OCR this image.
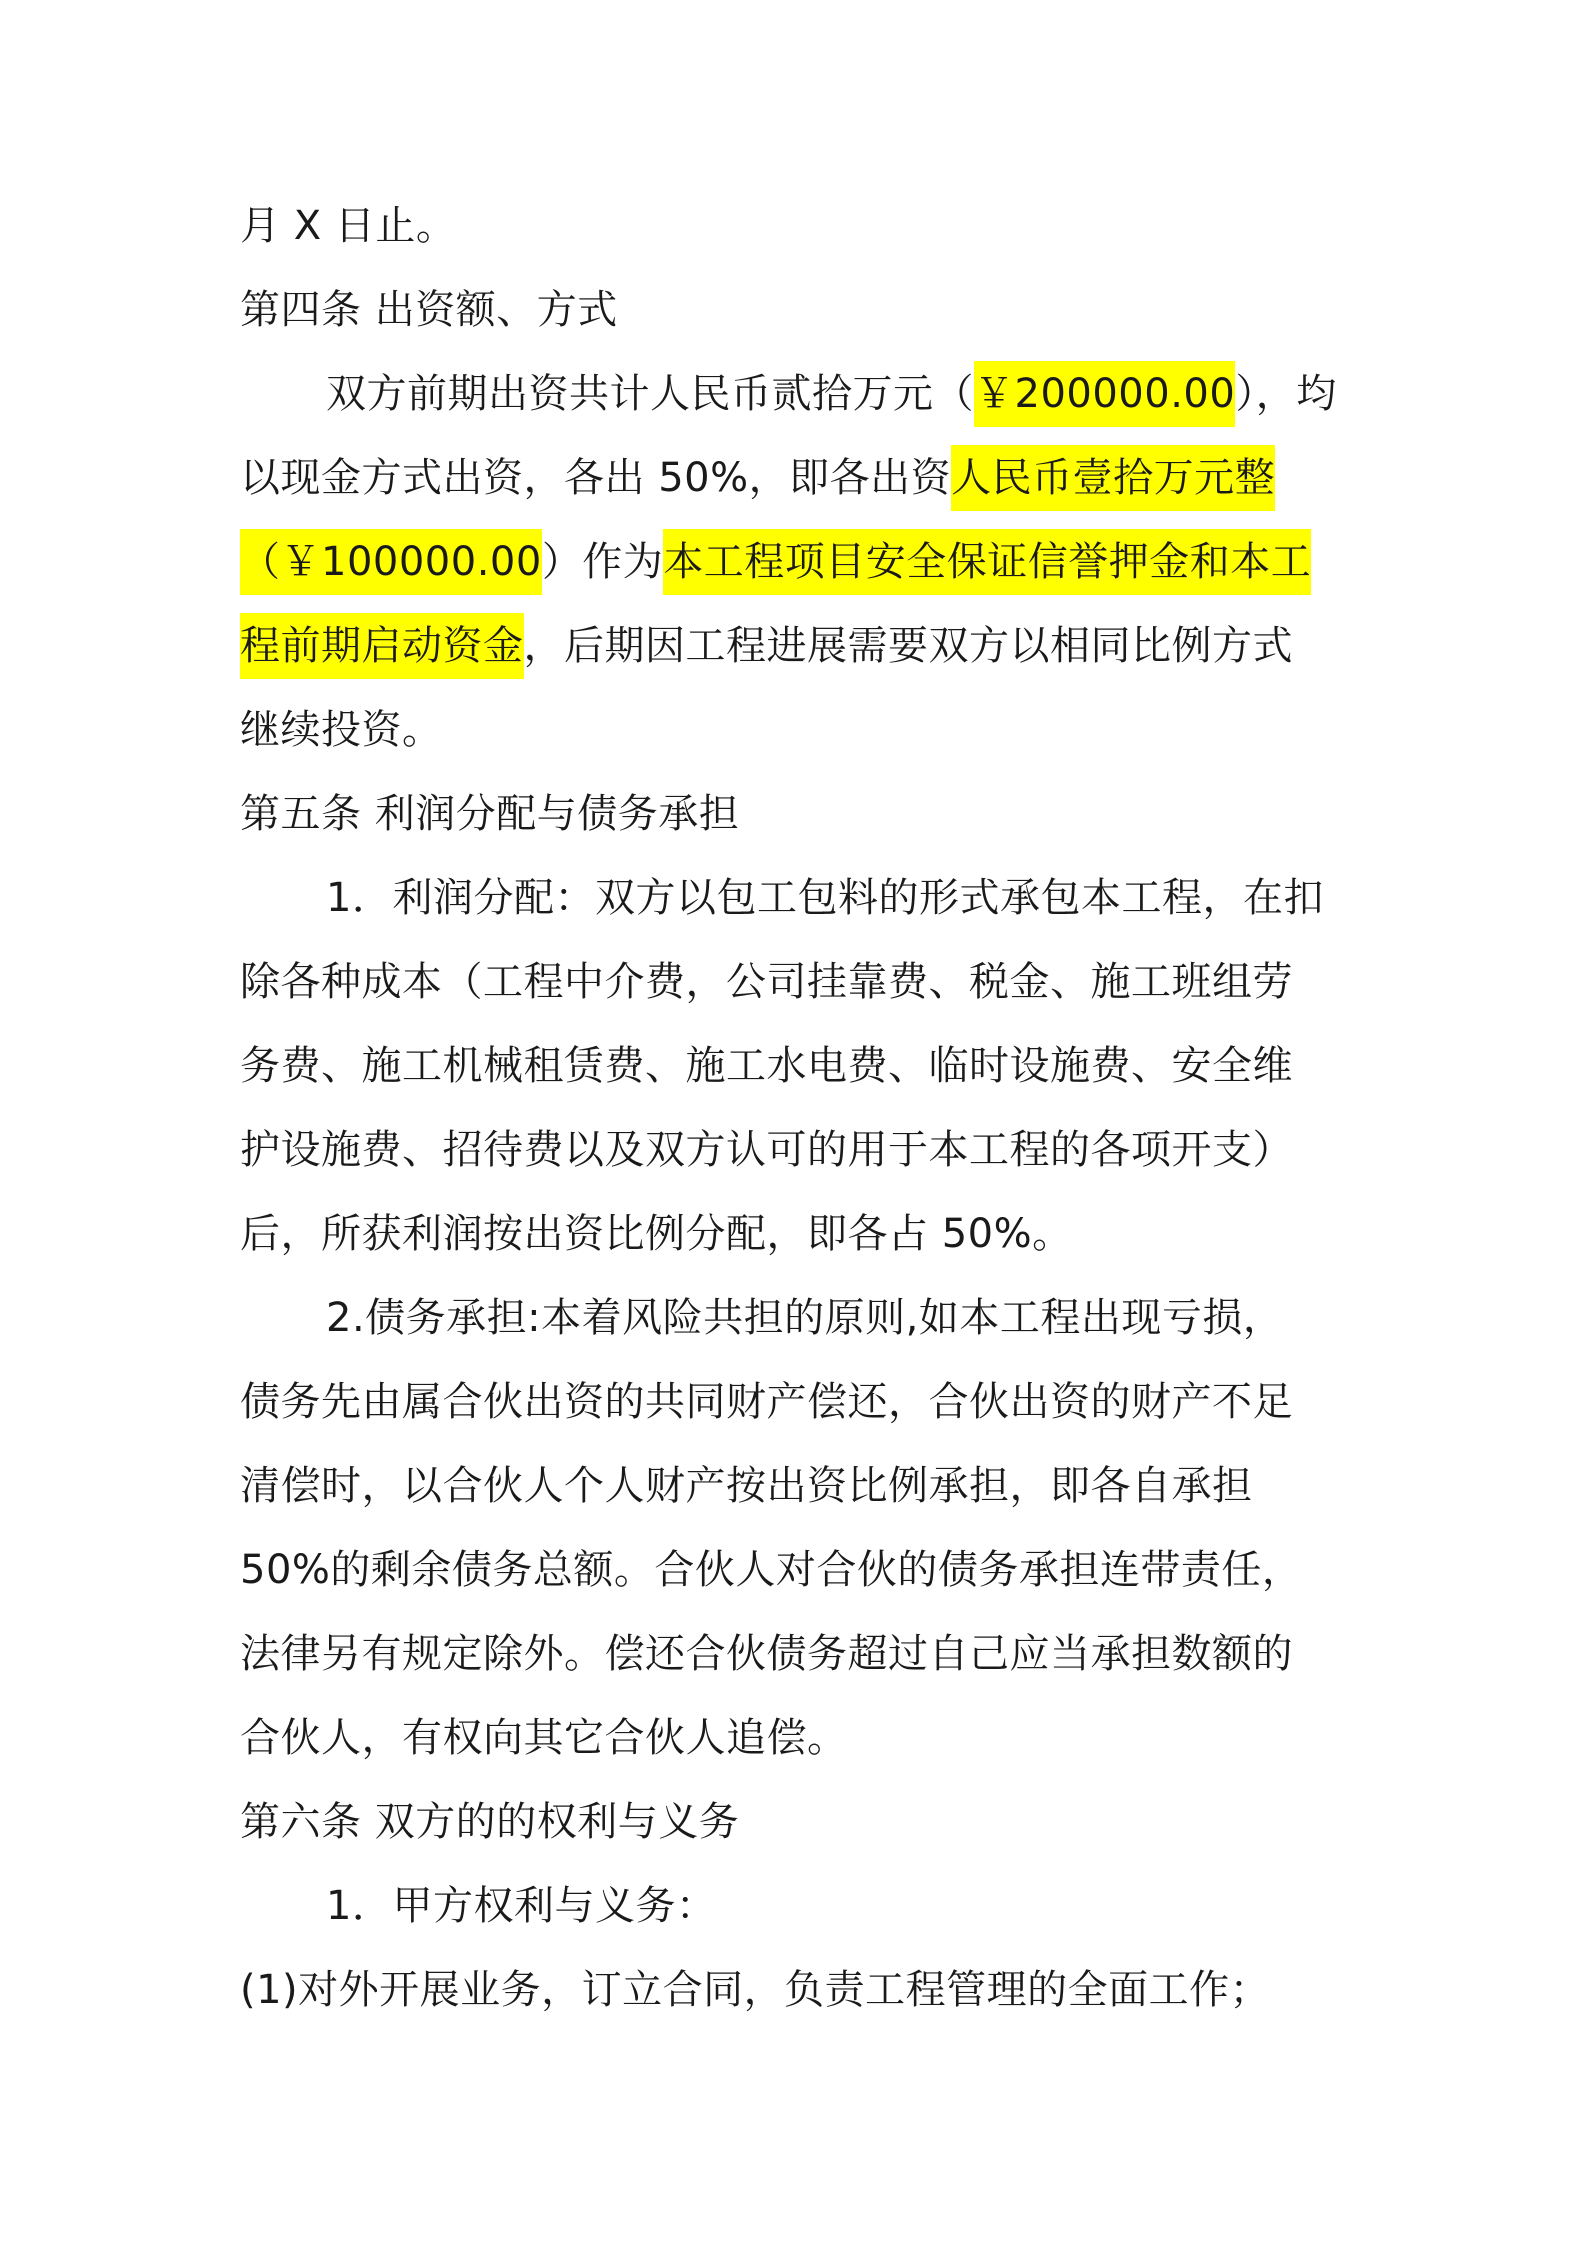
月 X 日止。
第四条 出资额、方式
双方前期出资共计人民币贰拾万元（￥200000.00），均
以现金方式出资，各出 50%，即各出资人民币壹拾万元整
（￥100000.00）作为本工程项目安全保证信誉押金和本工
程前期启动资金，后期因工程进展需要双方以相同比例方式
继续投资。
第五条 利润分配与债务承担
1．利润分配：双方以包工包料的形式承包本工程，在扣
除各种成本（工程中介费，公司挂靠费、税金、施工班组劳
务费、施工机械租赁费、施工水电费、临时设施费、安全维
护设施费、招待费以及双方认可的用于本工程的各项开支）
后，所获利润按出资比例分配，即各占 50%。
2.债务承担:本着风险共担的原则,如本工程出现亏损，
债务先由属合伙出资的共同财产偿还，合伙出资的财产不足
清偿时，以合伙人个人财产按出资比例承担，即各自承担
50%的剩余债务总额。合伙人对合伙的债务承担连带责任，
法律另有规定除外。偿还合伙债务超过自己应当承担数额的
合伙人，有权向其它合伙人追偿。
第六条 双方的的权利与义务
1．甲方权利与义务：
(1)对外开展业务，订立合同，负责工程管理的全面工作；
